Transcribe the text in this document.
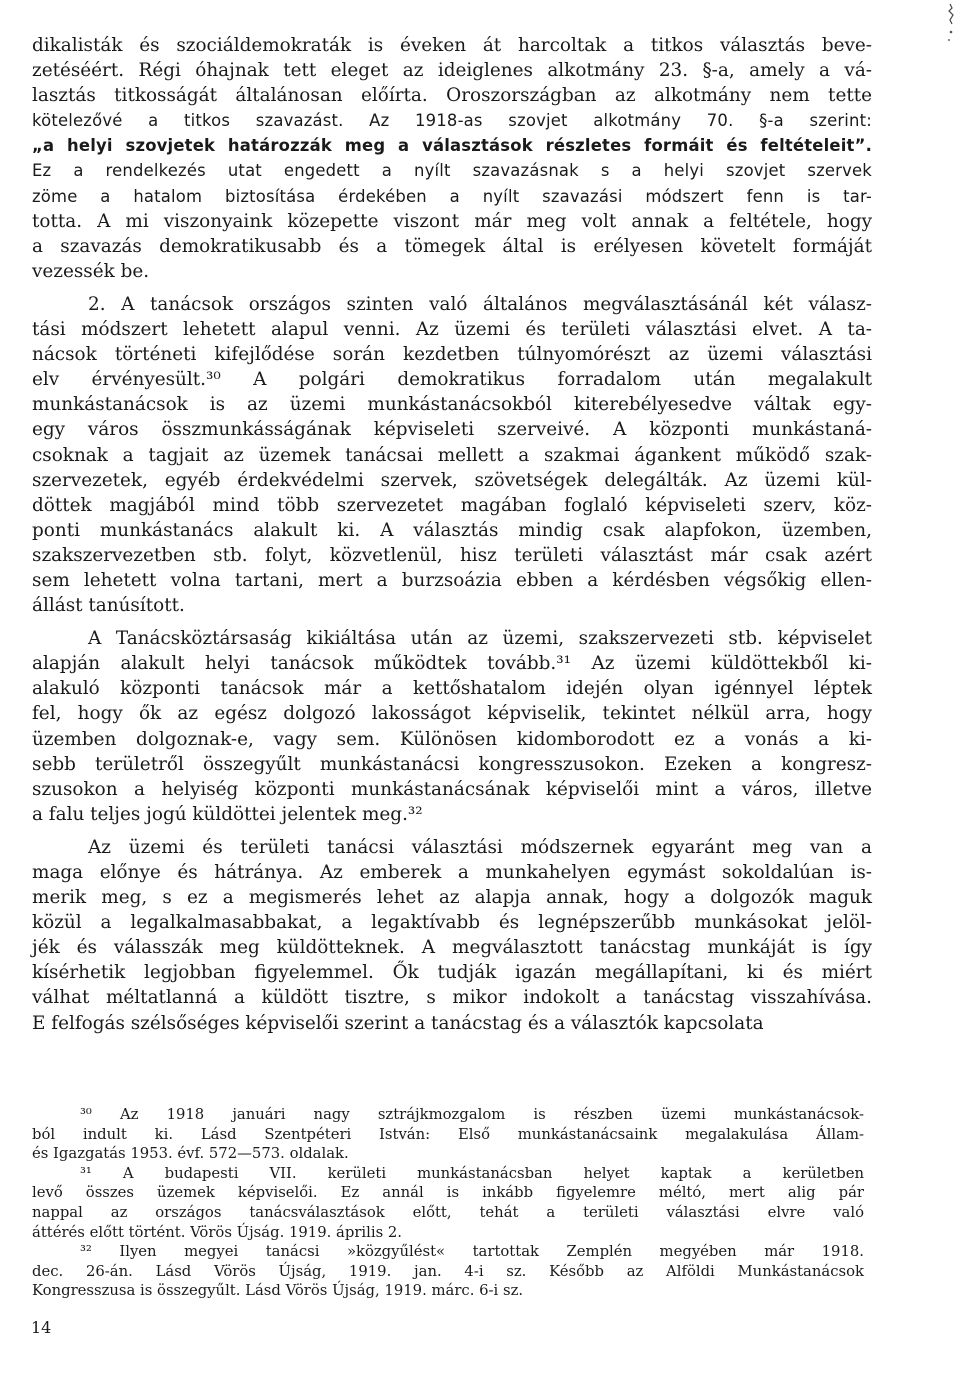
dikalisták és szociáldemokraták is éveken át harcoltak a titkos választás beve-
zetéséért. Régi óhajnak tett eleget az ideiglenes alkotmány 23. §-a, amely a vá-
lasztás titkosságát általánosan előírta. Oroszországban az alkotmány nem tette
kötelezővé a titkos szavazást. Az 1918-as szovjet alkotmány 70. §-a szerint:
„a helyi szovjetek határozzák meg a választások részletes formáit és feltételeit”.
Ez a rendelkezés utat engedett a nyílt szavazásnak s a helyi szovjet szervek
zöme a hatalom biztosítása érdekében a nyílt szavazási módszert fenn is tar-
totta. A mi viszonyaink közepette viszont már meg volt annak a feltétele, hogy
a szavazás demokratikusabb és a tömegek által is erélyesen követelt formáját
vezessék be.
2. A tanácsok országos szinten való általános megválasztásánál két válasz-
tási módszert lehetett alapul venni. Az üzemi és területi választási elvet. A ta-
nácsok történeti kifejlődése során kezdetben túlnyomórészt az üzemi választási
elv érvényesült.³⁰ A polgári demokratikus forradalom után megalakult
munkástanácsok is az üzemi munkástanácsokból kiterebélyesedve váltak egy-
egy város összmunkásságának képviseleti szerveivé. A központi munkástaná-
csoknak a tagjait az üzemek tanácsai mellett a szakmai ágankent működő szak-
szervezetek, egyéb érdekvédelmi szervek, szövetségek delegálták. Az üzemi kül-
döttek magjából mind több szervezetet magában foglaló képviseleti szerv, köz-
ponti munkástanács alakult ki. A választás mindig csak alapfokon, üzemben,
szakszervezetben stb. folyt, közvetlenül, hisz területi választást már csak azért
sem lehetett volna tartani, mert a burzsoázia ebben a kérdésben végsőkig ellen-
állást tanúsított.
A Tanácsköztársaság kikiáltása után az üzemi, szakszervezeti stb. képviselet
alapján alakult helyi tanácsok működtek tovább.³¹ Az üzemi küldöttekből ki-
alakuló központi tanácsok már a kettőshatalom idején olyan igénnyel léptek
fel, hogy ők az egész dolgozó lakosságot képviselik, tekintet nélkül arra, hogy
üzemben dolgoznak-e, vagy sem. Különösen kidomborodott ez a vonás a ki-
sebb területről összegyűlt munkástanácsi kongresszusokon. Ezeken a kongresz-
szusokon a helyiség központi munkástanácsának képviselői mint a város, illetve
a falu teljes jogú küldöttei jelentek meg.³²
Az üzemi és területi tanácsi választási módszernek egyaránt meg van a
maga előnye és hátránya. Az emberek a munkahelyen egymást sokoldalúan is-
merik meg, s ez a megismerés lehet az alapja annak, hogy a dolgozók maguk
közül a legalkalmasabbakat, a legaktívabb és legnépszerűbb munkásokat jelöl-
jék és válasszák meg küldötteknek. A megválasztott tanácstag munkáját is így
kísérhetik legjobban figyelemmel. Ők tudják igazán megállapítani, ki és miért
válhat méltatlanná a küldött tisztre, s mikor indokolt a tanácstag visszahívása.
E felfogás szélsőséges képviselői szerint a tanácstag és a választók kapcsolata
³⁰ Az 1918 januári nagy sztrájkmozgalom is részben üzemi munkástanácsok-
ból indult ki. Lásd Szentpéteri István: Első munkástanácsaink megalakulása Állam-
és Igazgatás 1953. évf. 572—573. oldalak.
³¹ A budapesti VII. kerületi munkástanácsban helyet kaptak a kerületben
levő összes üzemek képviselői. Ez annál is inkább figyelemre méltó, mert alig pár
nappal az országos tanácsválasztások előtt, tehát a területi választási elvre való
áttérés előtt történt. Vörös Újság. 1919. április 2.
³² Ilyen megyei tanácsi »közgyűlést« tartottak Zemplén megyében már 1918.
dec. 26-án. Lásd Vörös Újság, 1919. jan. 4-i sz. Később az Alföldi Munkástanácsok
Kongresszusa is összegyűlt. Lásd Vörös Újság, 1919. márc. 6-i sz.
14
